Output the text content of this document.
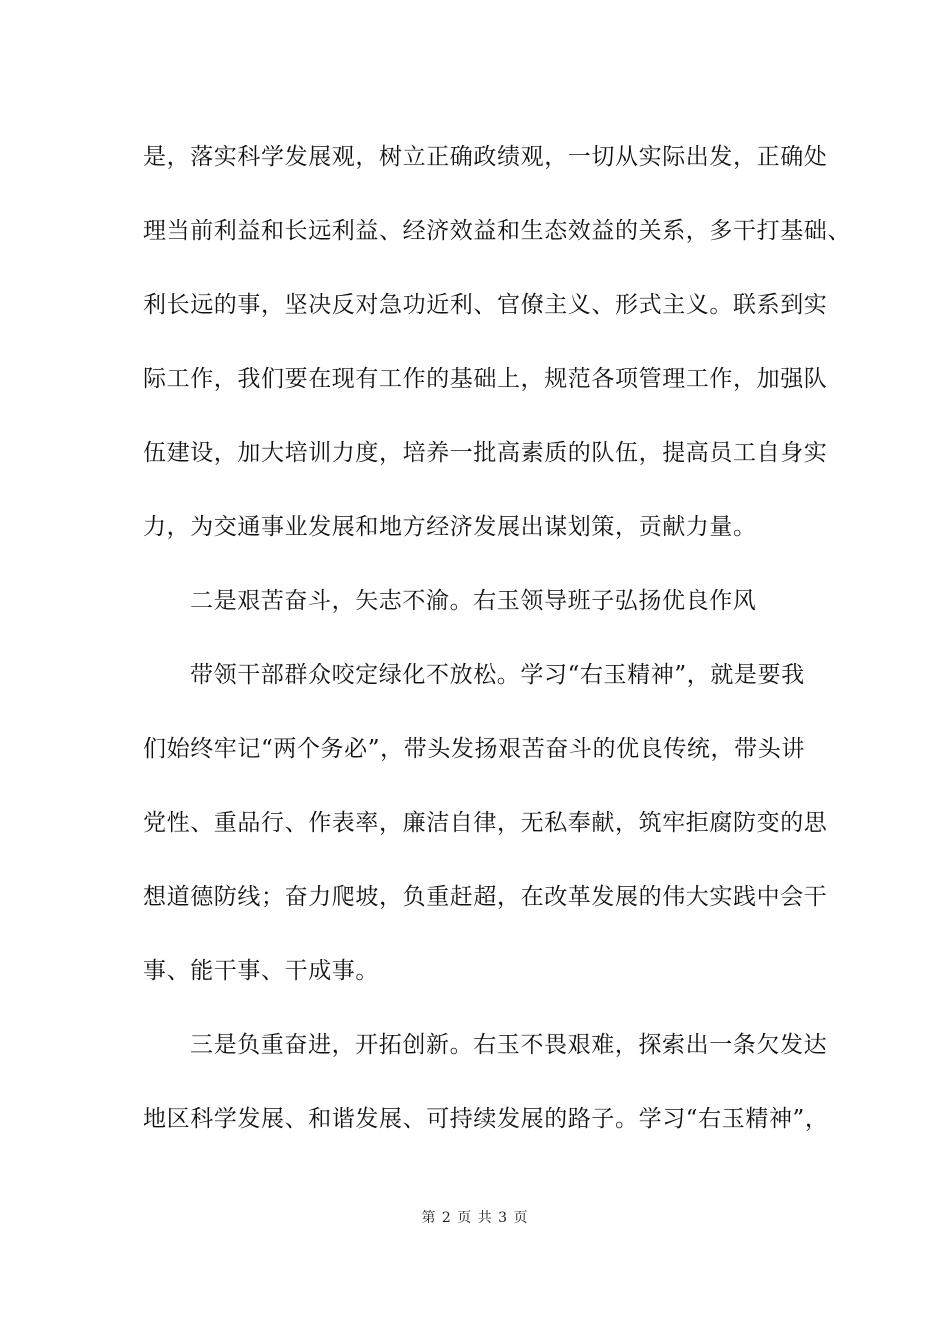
是，落实科学发展观，树立正确政绩观，一切从实际出发，正确处
理当前利益和长远利益、经济效益和生态效益的关系，多干打基础、
利长远的事，坚决反对急功近利、官僚主义、形式主义。联系到实
际工作，我们要在现有工作的基础上，规范各项管理工作，加强队
伍建设，加大培训力度，培养一批高素质的队伍，提高员工自身实
力，为交通事业发展和地方经济发展出谋划策，贡献力量。
二是艰苦奋斗，矢志不渝。右玉领导班子弘扬优良作风
带领干部群众咬定绿化不放松。学习“右玉精神”，就是要我
们始终牢记“两个务必”，带头发扬艰苦奋斗的优良传统，带头讲
党性、重品行、作表率，廉洁自律，无私奉献，筑牢拒腐防变的思
想道德防线；奋力爬坡，负重赶超，在改革发展的伟大实践中会干
事、能干事、干成事。
三是负重奋进，开拓创新。右玉不畏艰难，探索出一条欠发达
地区科学发展、和谐发展、可持续发展的路子。学习“右玉精神”，
第 2 页 共 3 页
